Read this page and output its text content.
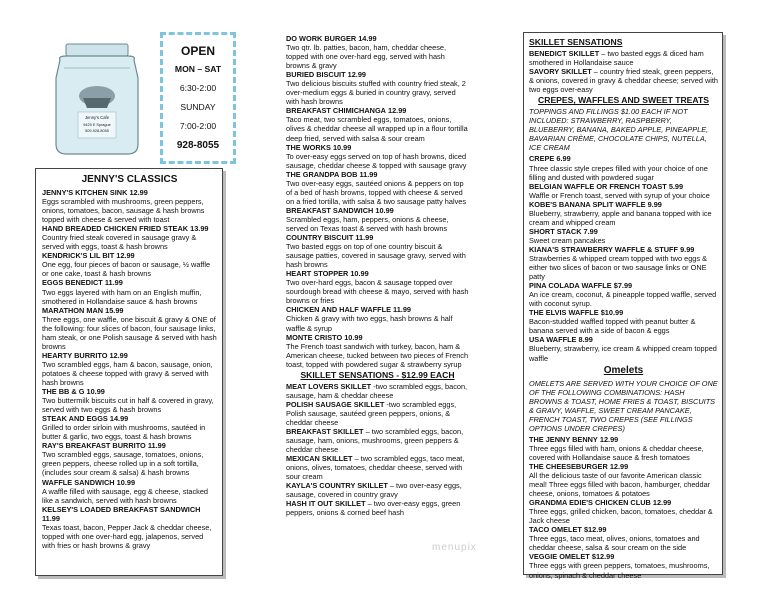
Jenny's Cafe
9425 E Sprague
509-928-8055
OPEN
MON – SAT
6:30-2:00
SUNDAY
7:00-2:00
928-8055
JENNY'S CLASSICS
JENNY'S KITCHEN SINK 12.99
Eggs scrambled with mushrooms, green peppers, onions, tomatoes, bacon, sausage & hash browns topped with cheese & served with toast
HAND BREADED CHICKEN FRIED STEAK 13.99
Country fried steak covered in sausage gravy & served with eggs, toast & hash browns
KENDRICK'S LIL BIT 12.99
One egg, four pieces of bacon or sausage, ½ waffle or one cake, toast & hash browns
EGGS BENEDICT 11.99
Two eggs layered with ham on an English muffin, smothered in Hollandaise sauce & hash browns
MARATHON MAN 15.99
Three eggs, one waffle, one biscuit & gravy & ONE of the following: four slices of bacon, four sausage links, ham steak, or one Polish sausage & served with hash browns
HEARTY BURRITO 12.99
Two scrambled eggs, ham & bacon, sausage, onion, potatoes & cheese topped with gravy & served with hash browns
THE BB & G 10.99
Two buttermilk biscuits cut in half & covered in gravy, served with two eggs & hash browns
STEAK AND EGGS 14.99
Grilled to order sirloin with mushrooms, sautéed in butter & garlic, two eggs, toast & hash browns
RAY'S BREAKFAST BURRITO 11.99
Two scrambled eggs, sausage, tomatoes, onions, green peppers, cheese rolled up in a soft tortilla, (includes sour cream & salsa) & hash browns
WAFFLE SANDWICH 10.99
A waffle filled with sausage, egg & cheese, stacked like a sandwich, served with hash browns
KELSEY'S LOADED BREAKFAST SANDWICH 11.99
Texas toast, bacon, Pepper Jack & cheddar cheese, topped with one over-hard egg, jalapenos, served with fries or hash browns & gravy
DO WORK BURGER 14.99
Two qtr. lb. patties, bacon, ham, cheddar cheese, topped with one over-hard egg, served with hash browns & gravy
BURIED BISCUIT 12.99
Two delicious biscuits stuffed with country fried steak, 2 over-medium eggs & buried in country gravy, served with hash browns
BREAKFAST CHIMICHANGA 12.99
Taco meat, two scrambled eggs, tomatoes, onions, olives & cheddar cheese all wrapped up in a flour tortilla deep fried, served with salsa & sour cream
THE WORKS 10.99
To over-easy eggs served on top of hash browns, diced sausage, cheddar cheese & topped with sausage gravy
THE GRANDPA BOB 11.99
Two over-easy eggs, sautéed onions & peppers on top of a bed of hash browns, topped with cheese & served on a fried tortilla, with salsa & two sausage patty halves
BREAKFAST SANDWICH 10.99
Scrambled eggs, ham, peppers, onions & cheese, served on Texas toast & served with hash browns
COUNTRY BISCUIT 11.99
Two basted eggs on top of one country biscuit & sausage patties, covered in sausage gravy, served with hash browns
HEART STOPPER 10.99
Two over-hard eggs, bacon & sausage topped over sourdough bread with cheese & mayo, served with hash browns or fries
CHICKEN AND HALF WAFFLE 11.99
Chicken & gravy with two eggs, hash browns & half waffle & syrup
MONTE CRISTO 10.99
The French toast sandwich with turkey, bacon, ham & American cheese, tucked between two pieces of French toast, topped with powdered sugar & strawberry syrup
SKILLET SENSATIONS - $12.99 EACH
MEAT LOVERS SKILLET -two scrambled eggs, bacon, sausage, ham & cheddar cheese
POLISH SAUSAGE SKILLET -two scrambled eggs, Polish sausage, sautéed green peppers, onions, & cheddar cheese
BREAKFAST SKILLET – two scrambled eggs, bacon, sausage, ham, onions, mushrooms, green peppers & cheddar cheese
MEXICAN SKILLET – two scrambled eggs, taco meat, onions, olives, tomatoes, cheddar cheese, served with sour cream
KAYLA'S COUNTRY SKILLET – two over-easy eggs, sausage, covered in country gravy
HASH IT OUT SKILLET – two over-easy eggs, green peppers, onions & corned beef hash
SKILLET SENSATIONS
BENEDICT SKILLET – two basted eggs & diced ham smothered in Hollandaise sauce
SAVORY SKILLET – country fried steak, green peppers, & onions, covered in gravy & cheddar cheese; served with two eggs over-easy
CREPES, WAFFLES AND SWEET TREATS
TOPPINGS AND FILLINGS $1.00 EACH IF NOT INCLUDED: STRAWBERRY, RASPBERRY, BLUEBERRY, BANANA, BAKED APPLE, PINEAPPLE, BAVARIAN CRÈME, CHOCOLATE CHIPS, NUTELLA, ICE CREAM
CREPE 6.99
Three classic style crepes filled with your choice of one filling and dusted with powdered sugar
BELGIAN WAFFLE OR FRENCH TOAST 5.99
Waffle or French toast, served with syrup of your choice
KOBE'S BANANA SPLIT WAFFLE 9.99
Blueberry, strawberry, apple and banana topped with ice cream and whipped cream
SHORT STACK 7.99
Sweet cream pancakes
KIANA'S STRAWBERRY WAFFLE & STUFF 9.99
Strawberries & whipped cream topped with two eggs & either two slices of bacon or two sausage links or ONE patty
PINA COLADA WAFFLE $7.99
An ice cream, coconut, & pineapple topped waffle, served with coconut syrup.
THE ELVIS WAFFLE $10.99
Bacon-studded waffled topped with peanut butter & banana served with a side of bacon & eggs
USA WAFFLE 8.99
Blueberry, strawberry, ice cream & whipped cream topped waffle
Omelets
OMELETS ARE SERVED WITH YOUR CHOICE OF ONE OF THE FOLLOWING COMBINATIONS: HASH BROWNS & TOAST, HOME FRIES & TOAST, BISCUITS & GRAVY, WAFFLE, SWEET CREAM PANCAKE, FRENCH TOAST, TWO CREPES (SEE FILLINGS OPTIONS UNDER CREPES)
THE JENNY BENNY 12.99
Three eggs filled with ham, onions & cheddar cheese, covered with Hollandaise sauce & fresh tomatoes
THE CHEESEBURGER 12.99
All the delicious taste of our favorite American classic meal! Three eggs filled with bacon, hamburger, cheddar cheese, onions, tomatoes & potatoes
GRANDMA EDIE'S CHICKEN CLUB 12.99
Three eggs, grilled chicken, bacon, tomatoes, cheddar & Jack cheese
TACO OMELET $12.99
Three eggs, taco meat, olives, onions, tomatoes and cheddar cheese, salsa & sour cream on the side
VEGGIE OMELET $12.99
Three eggs with green peppers, tomatoes, mushrooms, onions, spinach & cheddar cheese
menupix
